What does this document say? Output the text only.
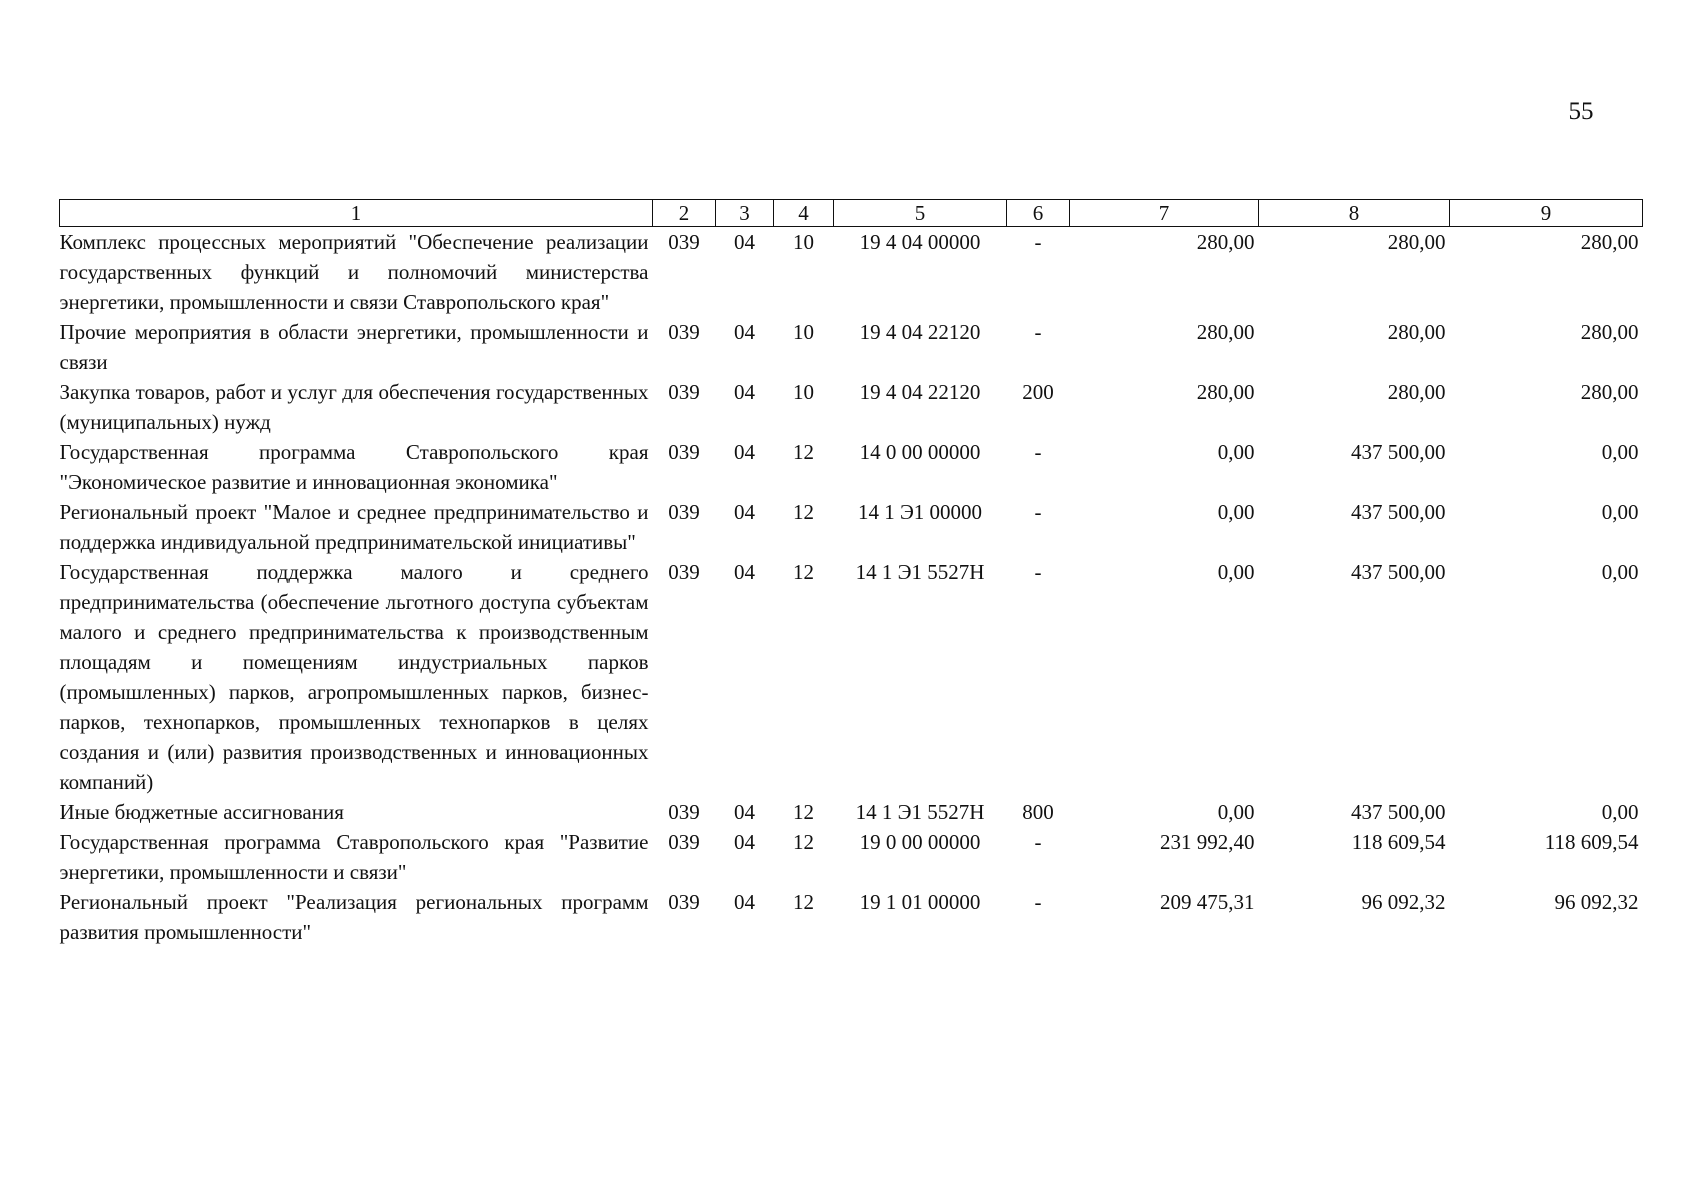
55
1	2	3	4	5	6	7	8	9
Комплекс процессных мероприятий "Обеспечение реализации государственных функций и полномочий министерства энергетики, промышленности и связи Ставропольского края"	039	04	10	19 4 04 00000	-	280,00	280,00	280,00
Прочие мероприятия в области энергетики, промышленности и связи	039	04	10	19 4 04 22120	-	280,00	280,00	280,00
Закупка товаров, работ и услуг для обеспечения государственных (муниципальных) нужд	039	04	10	19 4 04 22120	200	280,00	280,00	280,00
Государственная программа Ставропольского края "Экономическое развитие и инновационная экономика"	039	04	12	14 0 00 00000	-	0,00	437 500,00	0,00
Региональный проект "Малое и среднее предпринимательство и поддержка индивидуальной предпринимательской инициативы"	039	04	12	14 1 Э1 00000	-	0,00	437 500,00	0,00
Государственная поддержка малого и среднего предпринимательства (обеспечение льготного доступа субъектам малого и среднего предпринимательства к производственным площадям и помещениям индустриальных парков (промышленных) парков, агропромышленных парков, бизнес-парков, технопарков, промышленных технопарков в целях создания и (или) развития производственных и инновационных компаний)	039	04	12	14 1 Э1 5527Н	-	0,00	437 500,00	0,00
Иные бюджетные ассигнования	039	04	12	14 1 Э1 5527Н	800	0,00	437 500,00	0,00
Государственная программа Ставропольского края "Развитие энергетики, промышленности и связи"	039	04	12	19 0 00 00000	-	231 992,40	118 609,54	118 609,54
Региональный проект "Реализация региональных программ развития промышленности"	039	04	12	19 1 01 00000	-	209 475,31	96 092,32	96 092,32
